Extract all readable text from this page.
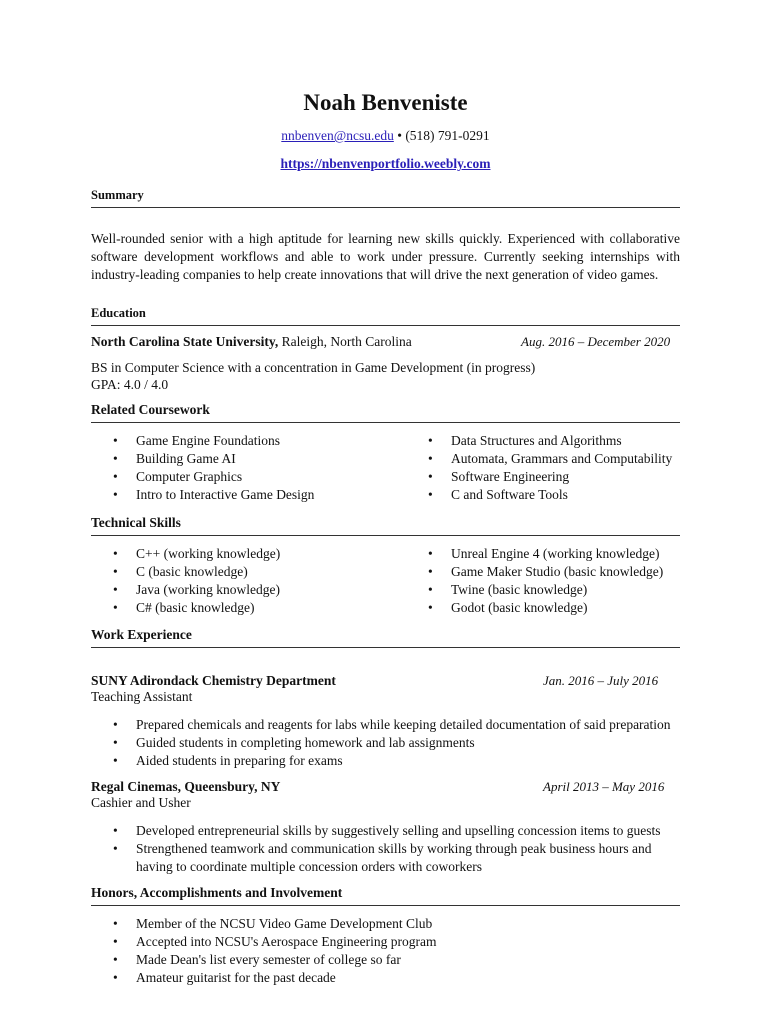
Noah Benveniste
nnbenven@ncsu.edu • (518) 791-0291
https://nbenvenportfolio.weebly.com
Summary
Well-rounded senior with a high aptitude for learning new skills quickly. Experienced with collaborative software development workflows and able to work under pressure. Currently seeking internships with industry-leading companies to help create innovations that will drive the next generation of video games.
Education
North Carolina State University, Raleigh, North Carolina	Aug. 2016 – December 2020
BS in Computer Science with a concentration in Game Development (in progress)
GPA: 4.0 / 4.0
Related Coursework
• Game Engine Foundations
• Building Game AI
• Computer Graphics
• Intro to Interactive Game Design
• Data Structures and Algorithms
• Automata, Grammars and Computability
• Software Engineering
• C and Software Tools
Technical Skills
• C++ (working knowledge)
• C (basic knowledge)
• Java (working knowledge)
• C# (basic knowledge)
• Unreal Engine 4 (working knowledge)
• Game Maker Studio (basic knowledge)
• Twine (basic knowledge)
• Godot (basic knowledge)
Work Experience
SUNY Adirondack Chemistry Department	Jan. 2016 – July 2016
Teaching Assistant
• Prepared chemicals and reagents for labs while keeping detailed documentation of said preparation
• Guided students in completing homework and lab assignments
• Aided students in preparing for exams
Regal Cinemas, Queensbury, NY	April 2013 – May 2016
Cashier and Usher
• Developed entrepreneurial skills by suggestively selling and upselling concession items to guests
• Strengthened teamwork and communication skills by working through peak business hours and having to coordinate multiple concession orders with coworkers
Honors, Accomplishments and Involvement
• Member of the NCSU Video Game Development Club
• Accepted into NCSU's Aerospace Engineering program
• Made Dean's list every semester of college so far
• Amateur guitarist for the past decade
